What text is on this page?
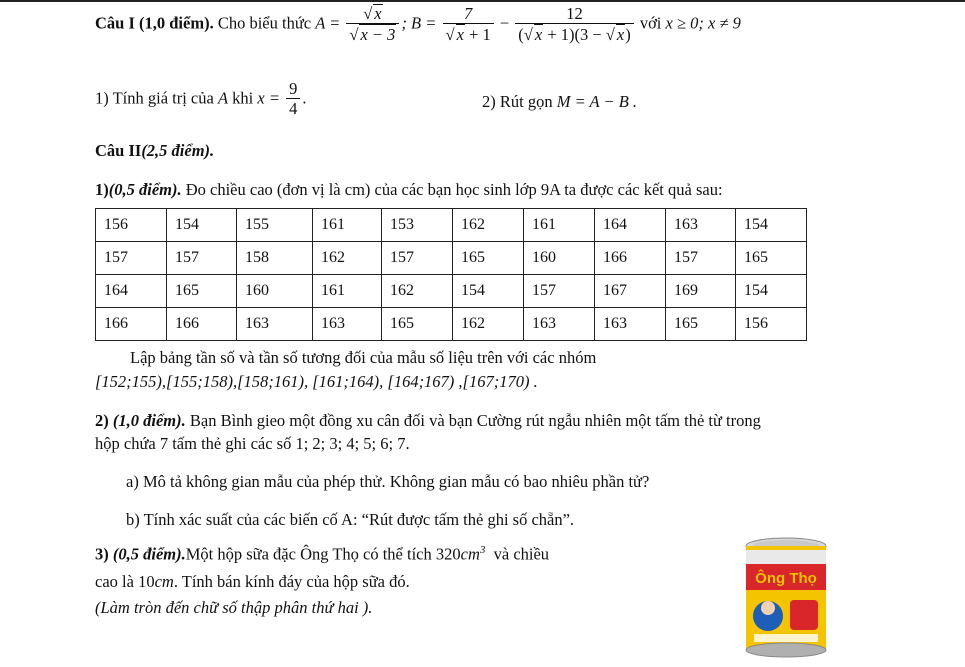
Câu I (1,0 điểm). Cho biểu thức $A = \frac{√ x}{√ x - 3}$ ; $B = \frac{7}{√ x + 1} - \frac{12}{(√ x + 1)(3 - √ x)}$ với x ≥ 0; x ≠ 9
1) Tính giá trị của A khi $x = \frac{9}{4}$ .	2) Rút gọn M = A − B .
Câu II(2,5 điểm).
1)(0,5 điểm). Đo chiều cao (đơn vị là cm) của các bạn học sinh lớp 9A ta được các kết quả sau:
156	154	155	161	153	162	161	164	163	154
157	157	158	162	157	165	160	166	157	165
164	165	160	161	162	154	157	167	169	154
166	166	163	163	165	162	163	163	165	156
Lập bảng tần số và tần số tương đối của mẫu số liệu trên với các nhóm
[152;155),[155;158),[158;161), [161;164), [164;167) ,[167;170) .
2) (1,0 điểm). Bạn Bình gieo một đồng xu cân đối và bạn Cường rút ngẫu nhiên một tấm thẻ từ trong
hộp chứa 7 tấm thẻ ghi các số 1; 2; 3; 4; 5; 6; 7.
a) Mô tả không gian mẫu của phép thử. Không gian mẫu có bao nhiêu phần tử?
b) Tính xác suất của các biến cố A: “Rút được tấm thẻ ghi số chẵn”.
3) (0,5 điểm).Một hộp sữa đặc Ông Thọ có thể tích $320cm^3$ và chiều
cao là 10cm. Tính bán kính đáy của hộp sữa đó.
(Làm tròn đến chữ số thập phân thứ hai ).
Ông Thọ
